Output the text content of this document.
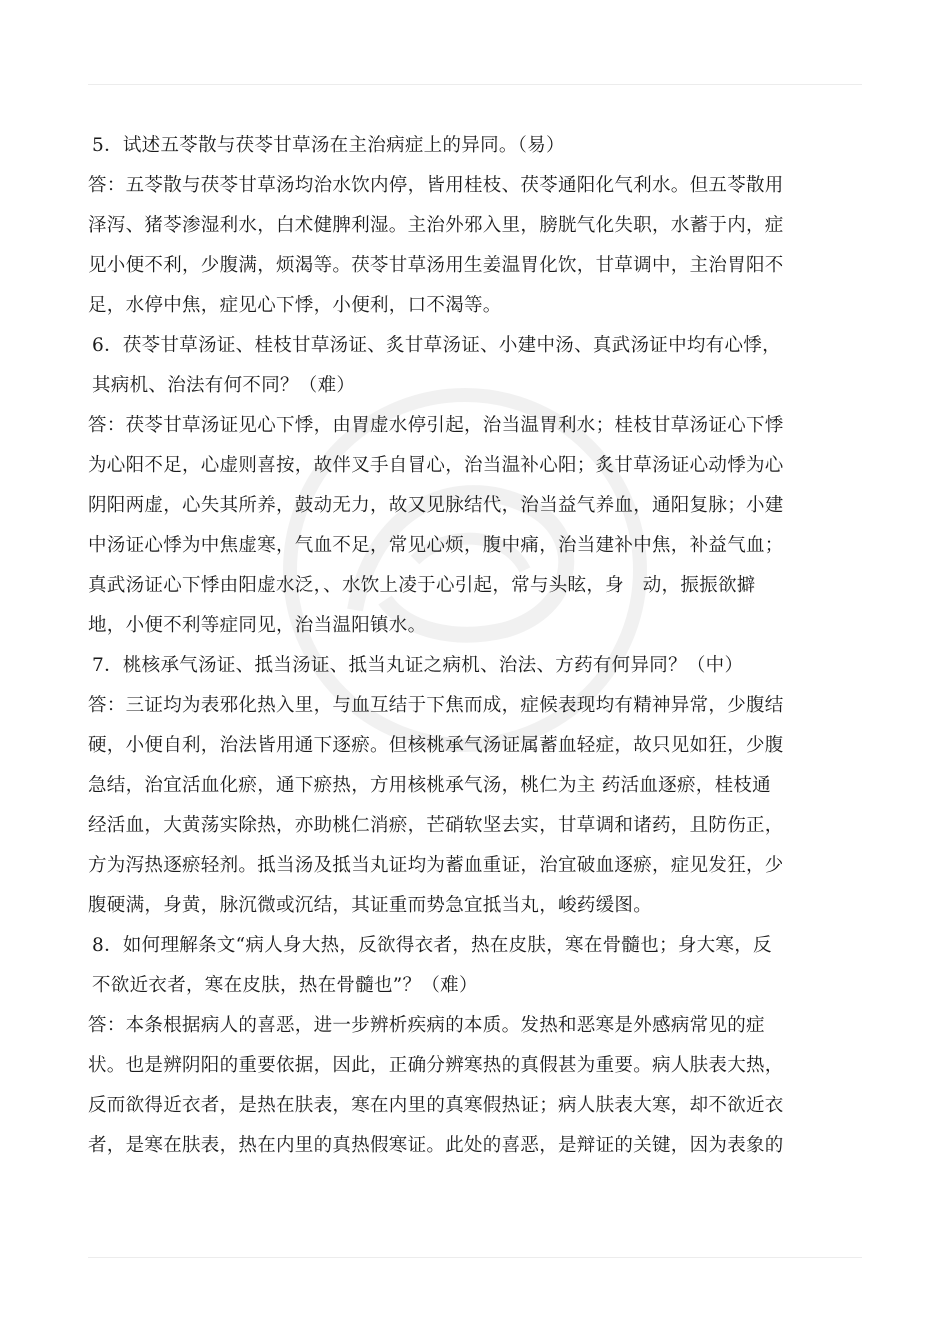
5．试述五苓散与茯苓甘草汤在主治病症上的异同。（易）
答：五苓散与茯苓甘草汤均治水饮内停，皆用桂枝、茯苓通阳化气利水。但五苓散用
泽泻、猪苓渗湿利水，白术健脾利湿。主治外邪入里，膀胱气化失职，水蓄于内，症
见小便不利，少腹满，烦渴等。茯苓甘草汤用生姜温胃化饮，甘草调中，主治胃阳不
足，水停中焦，症见心下悸，小便利，口不渴等。
6．茯苓甘草汤证、桂枝甘草汤证、炙甘草汤证、小建中汤、真武汤证中均有心悸，
其病机、治法有何不同？（难）
答：茯苓甘草汤证见心下悸，由胃虚水停引起，治当温胃利水；桂枝甘草汤证心下悸
为心阳不足，心虚则喜按，故伴叉手自冒心，治当温补心阳；炙甘草汤证心动悸为心
阴阳两虚，心失其所养，鼓动无力，故又见脉结代，治当益气养血，通阳复脉；小建
中汤证心悸为中焦虚寒，气血不足，常见心烦，腹中痛，治当建补中焦，补益气血；
真武汤证心下悸由阳虚水泛，、水饮上凌于心引起，常与头眩，身　动，振振欲擗
地，小便不利等症同见，治当温阳镇水。
7．桃核承气汤证、抵当汤证、抵当丸证之病机、治法、方药有何异同？（中）
答：三证均为表邪化热入里，与血互结于下焦而成，症候表现均有精神异常，少腹结
硬，小便自利，治法皆用通下逐瘀。但核桃承气汤证属蓄血轻症，故只见如狂，少腹
急结，治宜活血化瘀，通下瘀热，方用核桃承气汤，桃仁为主 药活血逐瘀，桂枝通
经活血，大黄荡实除热，亦助桃仁消瘀，芒硝软坚去实，甘草调和诸药，且防伤正，
方为泻热逐瘀轻剂。抵当汤及抵当丸证均为蓄血重证，治宜破血逐瘀，症见发狂，少
腹硬满，身黄，脉沉微或沉结，其证重而势急宜抵当丸，峻药缓图。
8．如何理解条文“病人身大热，反欲得衣者，热在皮肤，寒在骨髓也；身大寒，反
不欲近衣者，寒在皮肤，热在骨髓也”？（难）
答：本条根据病人的喜恶，进一步辨析疾病的本质。发热和恶寒是外感病常见的症
状。也是辨阴阳的重要依据，因此，正确分辨寒热的真假甚为重要。病人肤表大热，
反而欲得近衣者，是热在肤表，寒在内里的真寒假热证；病人肤表大寒，却不欲近衣
者，是寒在肤表，热在内里的真热假寒证。此处的喜恶，是辩证的关键，因为表象的
